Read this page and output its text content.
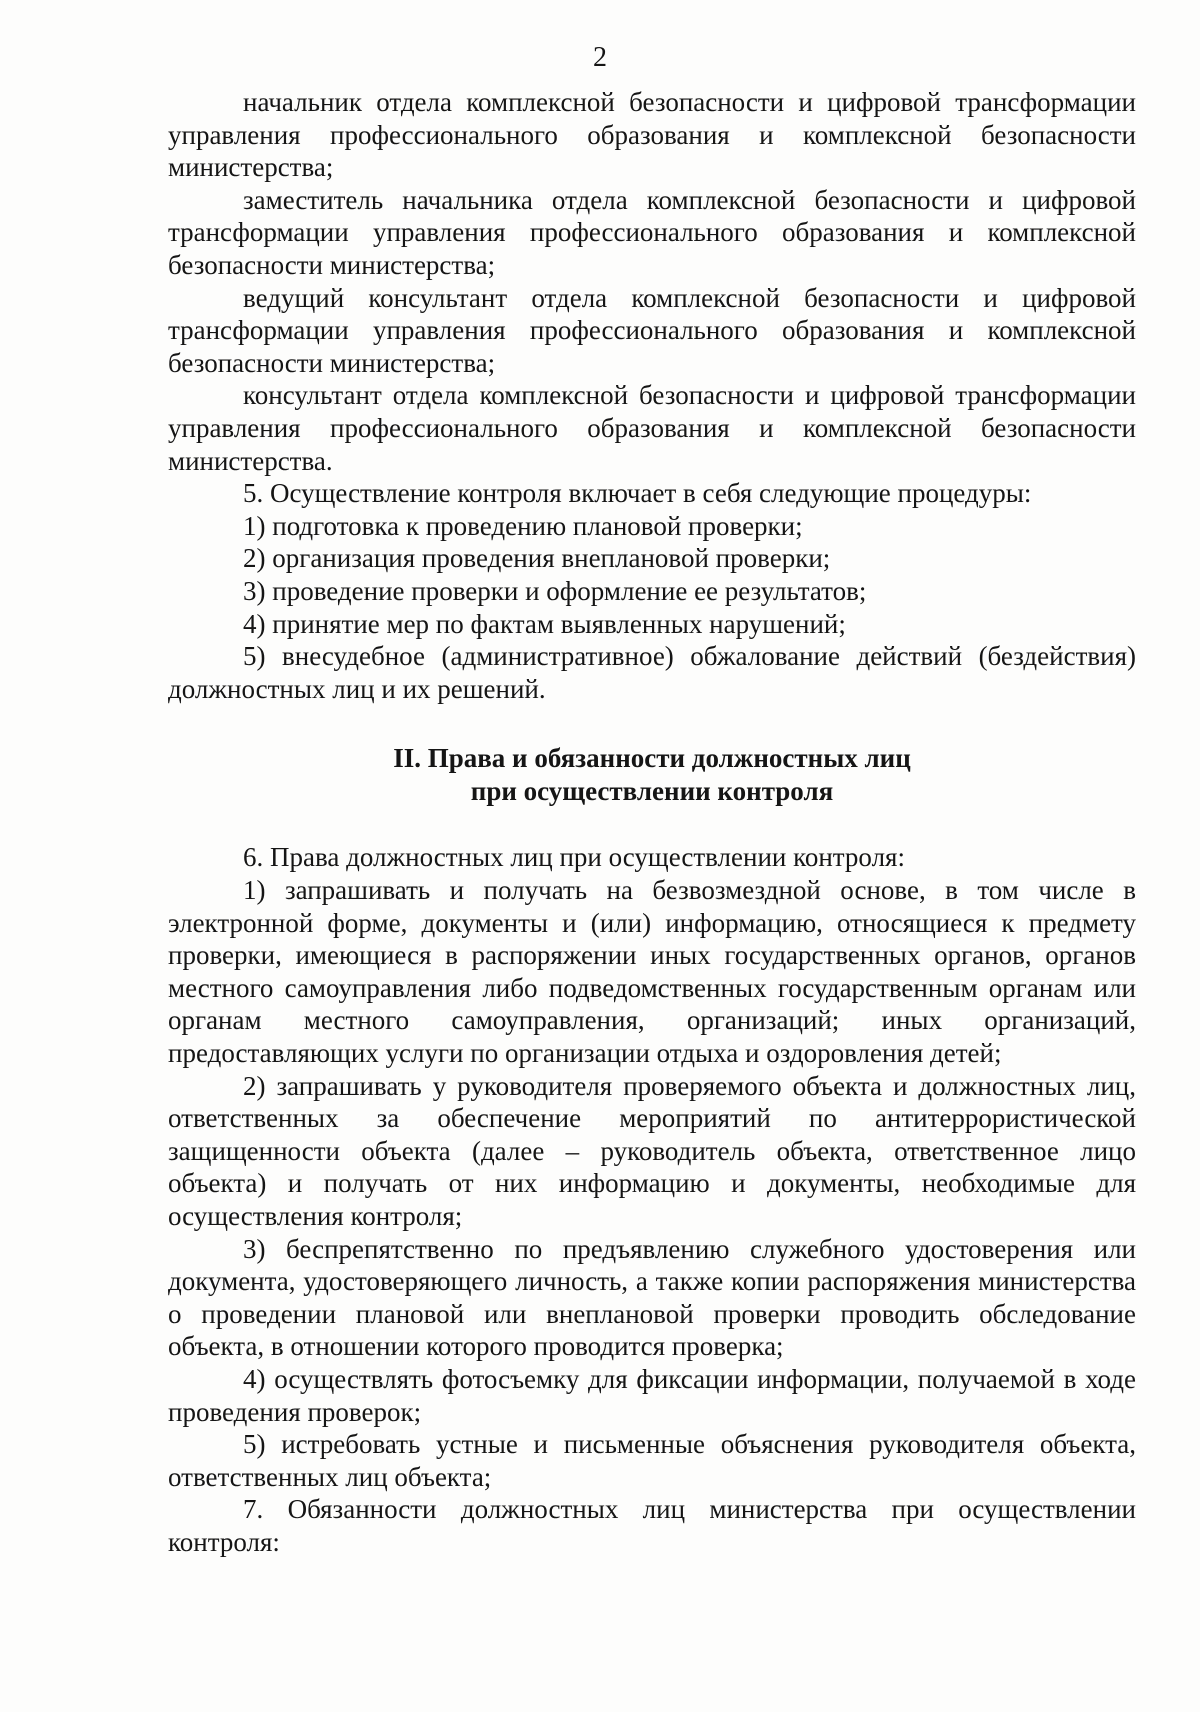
2

начальник отдела комплексной безопасности и цифровой трансформации управления профессионального образования и комплексной безопасности министерства;

заместитель начальника отдела комплексной безопасности и цифровой трансформации управления профессионального образования и комплексной безопасности министерства;

ведущий консультант отдела комплексной безопасности и цифровой трансформации управления профессионального образования и комплексной безопасности министерства;

консультант отдела комплексной безопасности и цифровой трансформации управления профессионального образования и комплексной безопасности министерства.

5. Осуществление контроля включает в себя следующие процедуры:

1) подготовка к проведению плановой проверки;

2) организация проведения внеплановой проверки;

3) проведение проверки и оформление ее результатов;

4) принятие мер по фактам выявленных нарушений;

5) внесудебное (административное) обжалование действий (бездействия) должностных лиц и их решений.

II. Права и обязанности должностных лиц
при осуществлении контроля

6. Права должностных лиц при осуществлении контроля:

1) запрашивать и получать на безвозмездной основе, в том числе в электронной форме, документы и (или) информацию, относящиеся к предмету проверки, имеющиеся в распоряжении иных государственных органов, органов местного самоуправления либо подведомственных государственным органам или органам местного самоуправления, организаций; иных организаций, предоставляющих услуги по организации отдыха и оздоровления детей;

2) запрашивать у руководителя проверяемого объекта и должностных лиц, ответственных за обеспечение мероприятий по антитеррористической защищенности объекта (далее – руководитель объекта, ответственное лицо объекта) и получать от них информацию и документы, необходимые для осуществления контроля;

3) беспрепятственно по предъявлению служебного удостоверения или документа, удостоверяющего личность, а также копии распоряжения министерства о проведении плановой или внеплановой проверки проводить обследование объекта, в отношении которого проводится проверка;

4) осуществлять фотосъемку для фиксации информации, получаемой в ходе проведения проверок;

5) истребовать устные и письменные объяснения руководителя объекта, ответственных лиц объекта;

7. Обязанности должностных лиц министерства при осуществлении контроля:
